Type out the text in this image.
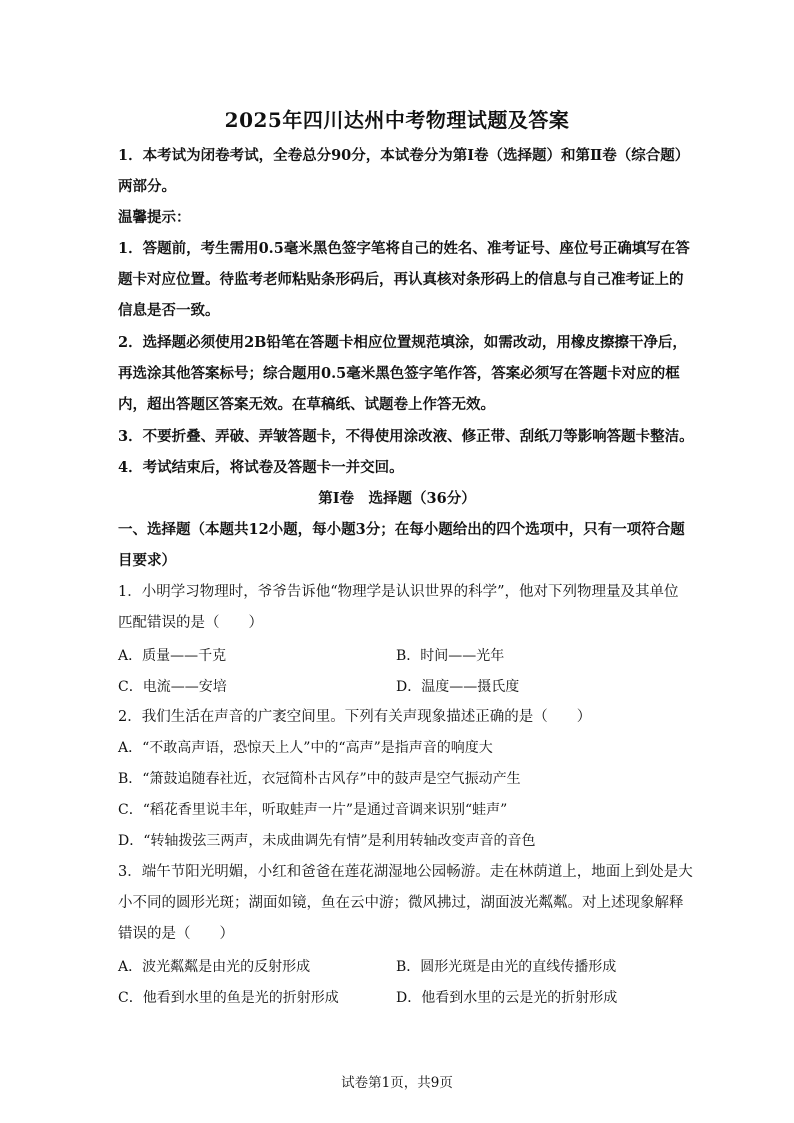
2025年四川达州中考物理试题及答案
1．本考试为闭卷考试，全卷总分90分，本试卷分为第Ⅰ卷（选择题）和第Ⅱ卷（综合题）
两部分。
温馨提示：
1．答题前，考生需用0.5毫米黑色签字笔将自己的姓名、准考证号、座位号正确填写在答
题卡对应位置。待监考老师粘贴条形码后，再认真核对条形码上的信息与自己准考证上的
信息是否一致。
2．选择题必须使用2B铅笔在答题卡相应位置规范填涂，如需改动，用橡皮擦擦干净后，
再选涂其他答案标号；综合题用0.5毫米黑色签字笔作答，答案必须写在答题卡对应的框
内，超出答题区答案无效。在草稿纸、试题卷上作答无效。
3．不要折叠、弄破、弄皱答题卡，不得使用涂改液、修正带、刮纸刀等影响答题卡整洁。
4．考试结束后，将试卷及答题卡一并交回。
第Ⅰ卷　选择题（36分）
一、选择题（本题共12小题，每小题3分；在每小题给出的四个选项中，只有一项符合题
目要求）
1．小明学习物理时，爷爷告诉他“物理学是认识世界的科学”，他对下列物理量及其单位
匹配错误的是（　　）
A．质量——千克	B．时间——光年
C．电流——安培	D．温度——摄氏度
2．我们生活在声音的广袤空间里。下列有关声现象描述正确的是（　　）
A．“不敢高声语，恐惊天上人”中的“高声”是指声音的响度大
B．“箫鼓追随春社近，衣冠简朴古风存”中的鼓声是空气振动产生
C．“稻花香里说丰年，听取蛙声一片”是通过音调来识别“蛙声”
D．“转轴拨弦三两声，未成曲调先有情”是利用转轴改变声音的音色
3．端午节阳光明媚，小红和爸爸在莲花湖湿地公园畅游。走在林荫道上，地面上到处是大
小不同的圆形光斑；湖面如镜，鱼在云中游；微风拂过，湖面波光粼粼。对上述现象解释
错误的是（　　）
A．波光粼粼是由光的反射形成	B．圆形光斑是由光的直线传播形成
C．他看到水里的鱼是光的折射形成	D．他看到水里的云是光的折射形成
试卷第1页，共9页
